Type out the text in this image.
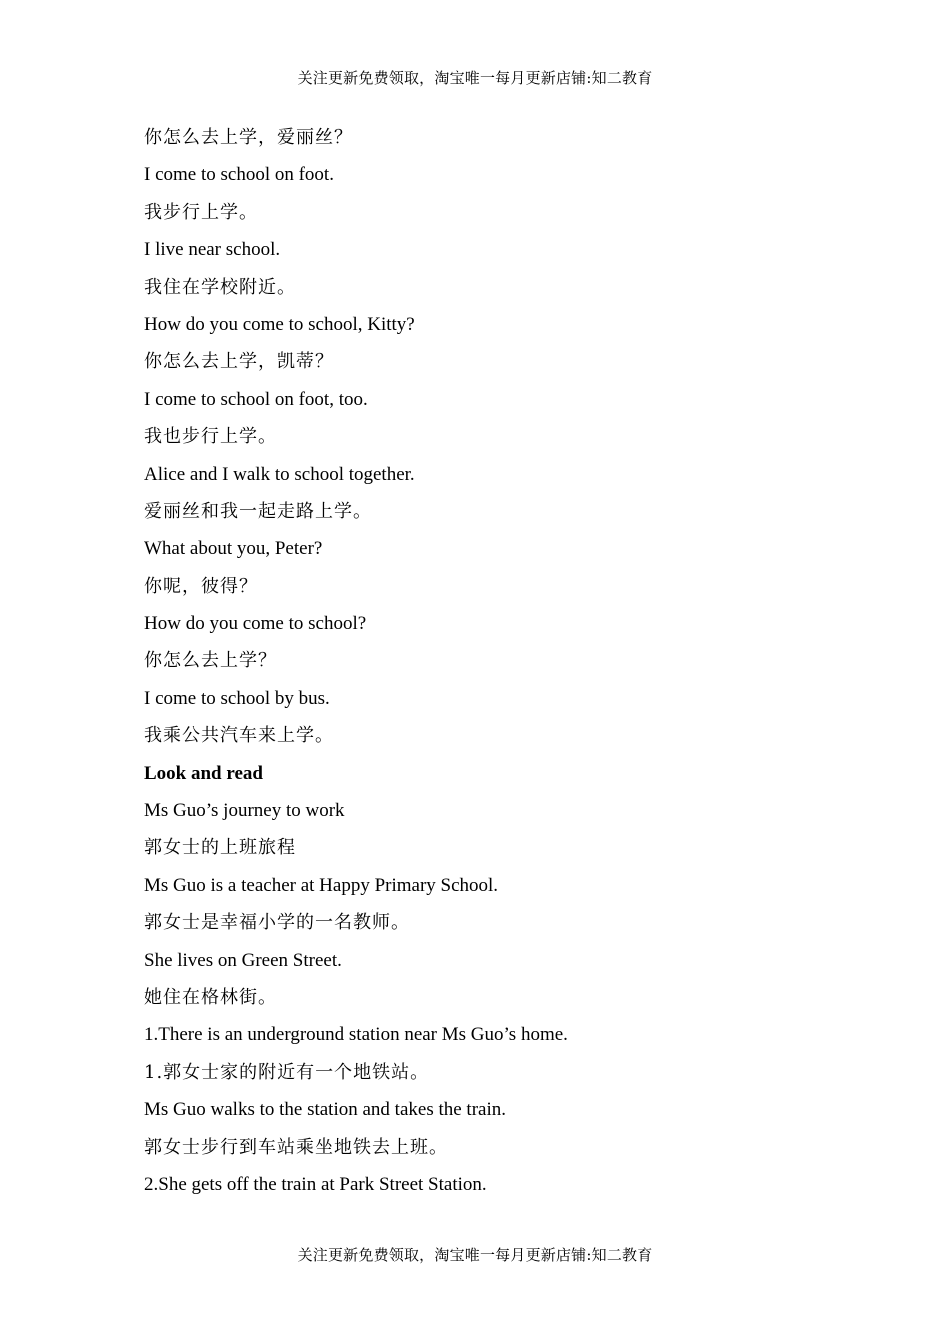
关注更新免费领取，淘宝唯一每月更新店铺:知二教育
你怎么去上学，爱丽丝？
I come to school on foot.
我步行上学。
I live near school.
我住在学校附近。
How do you come to school, Kitty?
你怎么去上学，凯蒂？
I come to school on foot, too.
我也步行上学。
Alice and I walk to school together.
爱丽丝和我一起走路上学。
What about you, Peter?
你呢，彼得？
How do you come to school?
你怎么去上学？
I come to school by bus.
我乘公共汽车来上学。
Look and read
Ms Guo’s journey to work
郭女士的上班旅程
Ms Guo is a teacher at Happy Primary School.
郭女士是幸福小学的一名教师。
She lives on Green Street.
她住在格林街。
1.There is an underground station near Ms Guo’s home.
1.郭女士家的附近有一个地铁站。
Ms Guo walks to the station and takes the train.
郭女士步行到车站乘坐地铁去上班。
2.She gets off the train at Park Street Station.
关注更新免费领取，淘宝唯一每月更新店铺:知二教育
